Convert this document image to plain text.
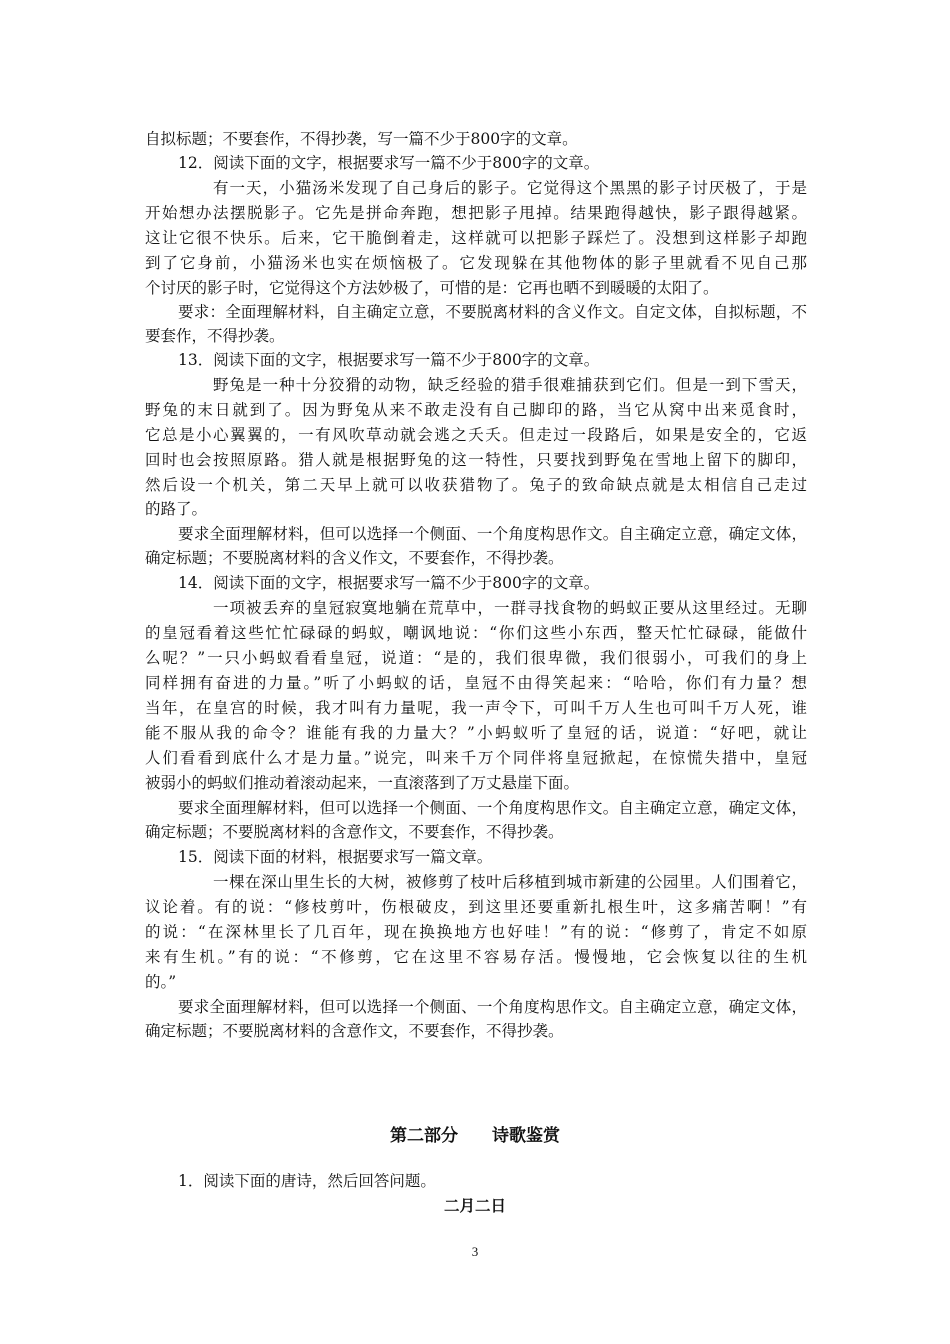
自拟标题；不要套作，不得抄袭，写一篇不少于800字的文章。
12．阅读下面的文字，根据要求写一篇不少于800字的文章。
有一天，小猫汤米发现了自己身后的影子。它觉得这个黑黑的影子讨厌极了，于是
开始想办法摆脱影子。它先是拼命奔跑，想把影子甩掉。结果跑得越快，影子跟得越紧。
这让它很不快乐。后来，它干脆倒着走，这样就可以把影子踩烂了。没想到这样影子却跑
到了它身前，小猫汤米也实在烦恼极了。它发现躲在其他物体的影子里就看不见自己那
个讨厌的影子时，它觉得这个方法妙极了，可惜的是：它再也晒不到暖暖的太阳了。
要求：全面理解材料，自主确定立意，不要脱离材料的含义作文。自定文体，自拟标题，不
要套作，不得抄袭。
13．阅读下面的文字，根据要求写一篇不少于800字的文章。
野兔是一种十分狡猾的动物，缺乏经验的猎手很难捕获到它们。但是一到下雪天，
野兔的末日就到了。因为野兔从来不敢走没有自己脚印的路，当它从窝中出来觅食时，
它总是小心翼翼的，一有风吹草动就会逃之夭夭。但走过一段路后，如果是安全的，它返
回时也会按照原路。猎人就是根据野兔的这一特性，只要找到野兔在雪地上留下的脚印，
然后设一个机关，第二天早上就可以收获猎物了。兔子的致命缺点就是太相信自己走过
的路了。
要求全面理解材料，但可以选择一个侧面、一个角度构思作文。自主确定立意，确定文体，
确定标题；不要脱离材料的含义作文，不要套作，不得抄袭。
14．阅读下面的文字，根据要求写一篇不少于800字的文章。
一项被丢弃的皇冠寂寞地躺在荒草中，一群寻找食物的蚂蚁正要从这里经过。无聊
的皇冠看着这些忙忙碌碌的蚂蚁，嘲讽地说：“你们这些小东西，整天忙忙碌碌，能做什
么呢？”一只小蚂蚁看看皇冠，说道：“是的，我们很卑微，我们很弱小，可我们的身上
同样拥有奋进的力量。”听了小蚂蚁的话，皇冠不由得笑起来：“哈哈，你们有力量？想
当年，在皇宫的时候，我才叫有力量呢，我一声令下，可叫千万人生也可叫千万人死，谁
能不服从我的命令？谁能有我的力量大？”小蚂蚁听了皇冠的话，说道：“好吧，就让
人们看看到底什么才是力量。”说完，叫来千万个同伴将皇冠掀起，在惊慌失措中，皇冠
被弱小的蚂蚁们推动着滚动起来，一直滚落到了万丈悬崖下面。
要求全面理解材料，但可以选择一个侧面、一个角度构思作文。自主确定立意，确定文体，
确定标题；不要脱离材料的含意作文，不要套作，不得抄袭。
15．阅读下面的材料，根据要求写一篇文章。
一棵在深山里生长的大树，被修剪了枝叶后移植到城市新建的公园里。人们围着它，
议论着。有的说：“修枝剪叶，伤根破皮，到这里还要重新扎根生叶，这多痛苦啊！”有
的说：“在深林里长了几百年，现在换换地方也好哇！”有的说：“修剪了，肯定不如原
来有生机。”有的说：“不修剪，它在这里不容易存活。慢慢地，它会恢复以往的生机
的。”
要求全面理解材料，但可以选择一个侧面、一个角度构思作文。自主确定立意，确定文体，
确定标题；不要脱离材料的含意作文，不要套作，不得抄袭。
第二部分　　诗歌鉴赏
1．阅读下面的唐诗，然后回答问题。
二月二日
3
